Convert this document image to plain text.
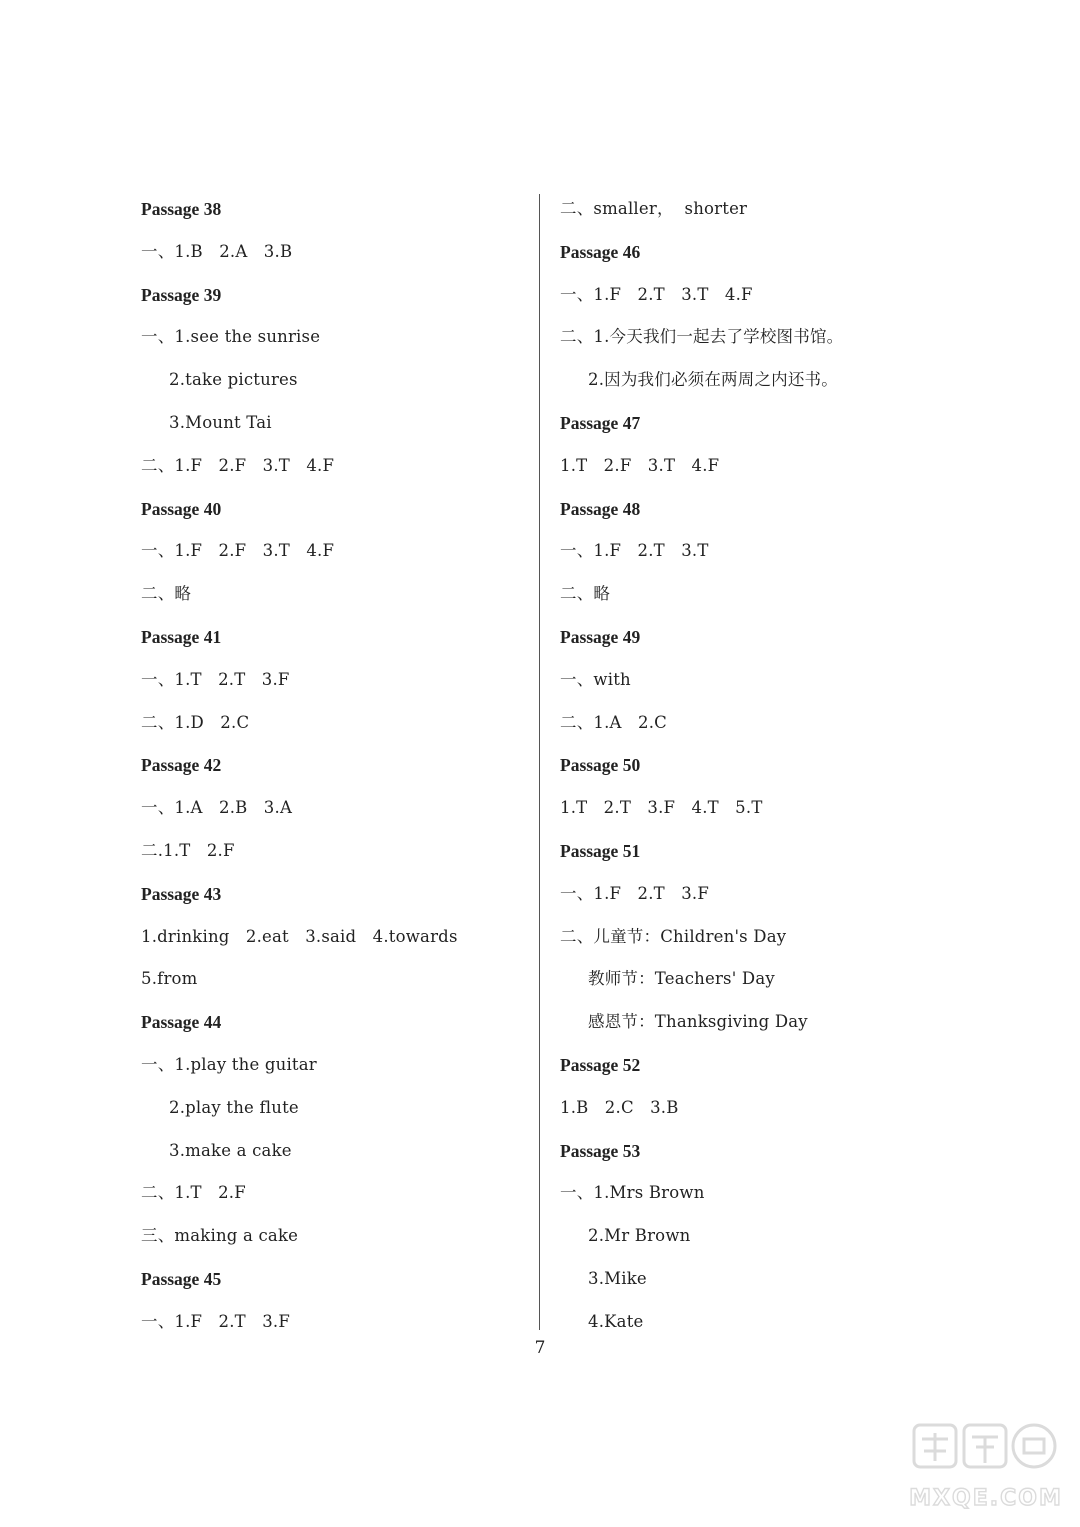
Passage 38
一、1.B   2.A   3.B
Passage 39
一、1.see the sunrise
2.take pictures
3.Mount Tai
二、1.F   2.F   3.T   4.F
Passage 40
一、1.F   2.F   3.T   4.F
二、略
Passage 41
一、1.T   2.T   3.F
二、1.D   2.C
Passage 42
一、1.A   2.B   3.A
二.1.T   2.F
Passage 43
1.drinking   2.eat   3.said   4.towards
5.from
Passage 44
一、1.play the guitar
2.play the flute
3.make a cake
二、1.T   2.F
三、making a cake
Passage 45
一、1.F   2.T   3.F
二、smaller，  shorter
Passage 46
一、1.F   2.T   3.T   4.F
二、1.今天我们一起去了学校图书馆。
2.因为我们必须在两周之内还书。
Passage 47
1.T   2.F   3.T   4.F
Passage 48
一、1.F   2.T   3.T
二、略
Passage 49
一、with
二、1.A   2.C
Passage 50
1.T   2.T   3.F   4.T   5.T
Passage 51
一、1.F   2.T   3.F
二、儿童节：Children's Day
教师节：Teachers' Day
感恩节：Thanksgiving Day
Passage 52
1.B   2.C   3.B
Passage 53
一、1.Mrs Brown
2.Mr Brown
3.Mike
4.Kate
7
MXQE.COM
